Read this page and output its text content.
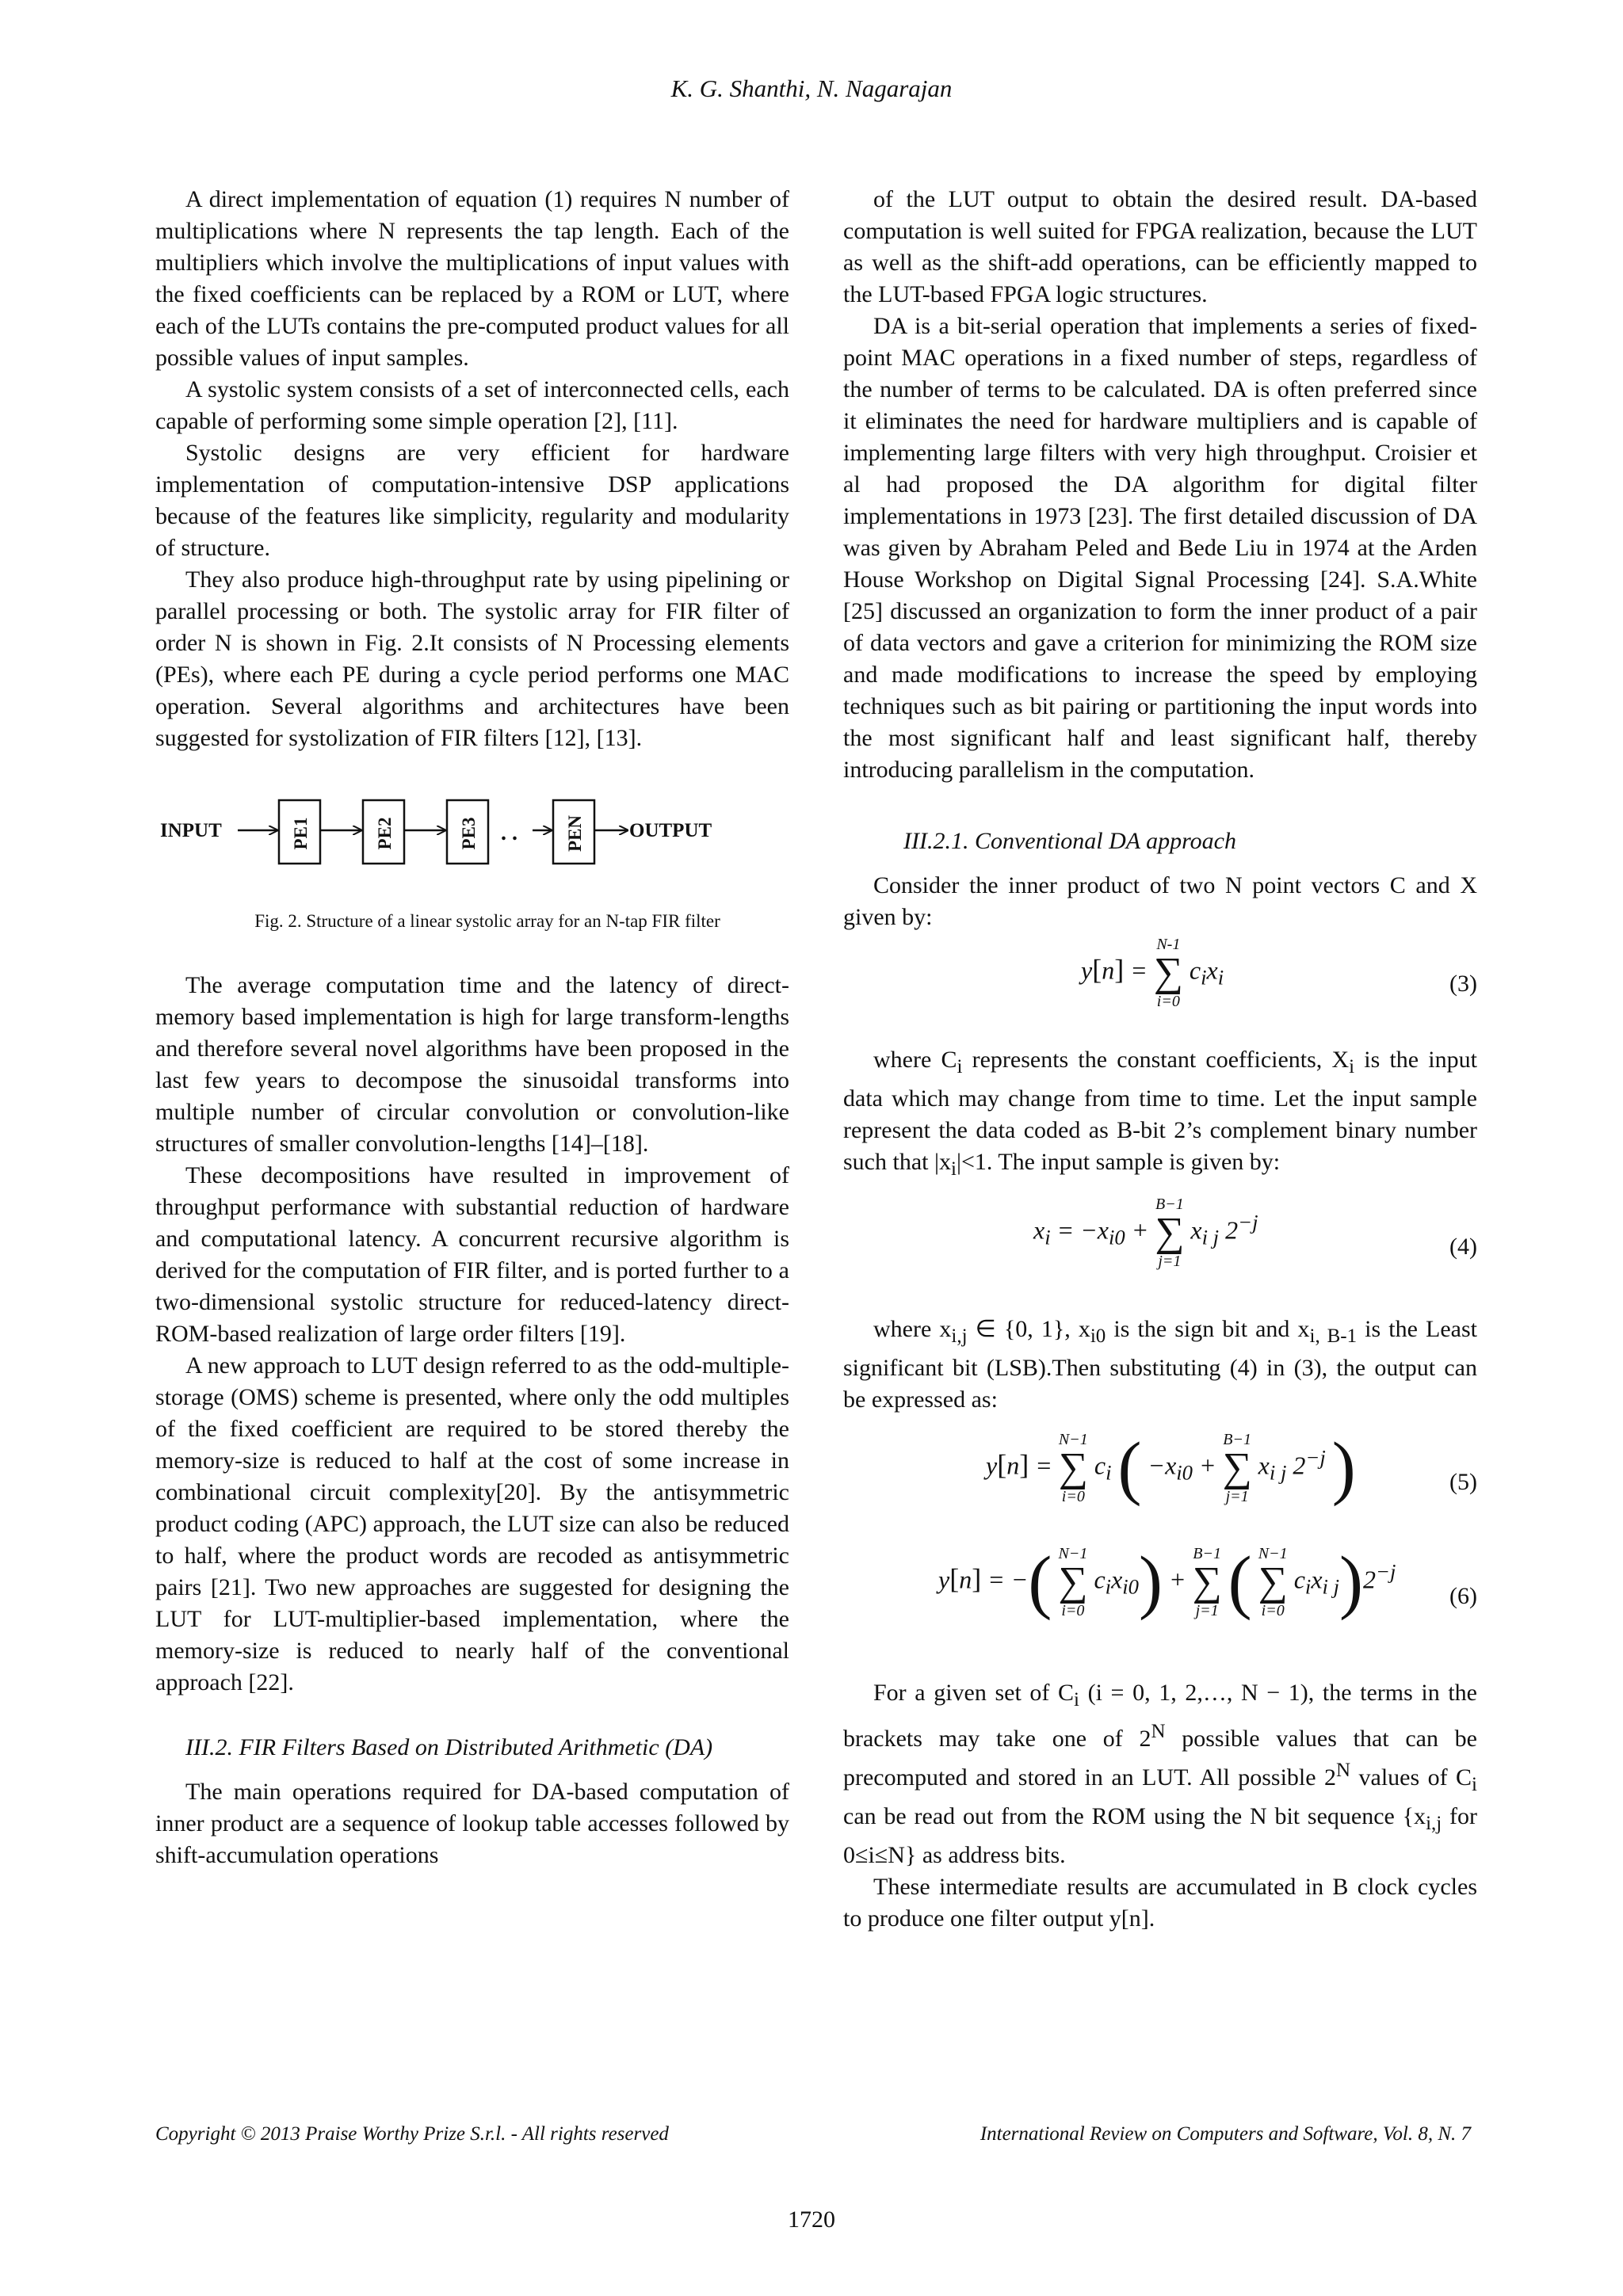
K. G. Shanthi, N. Nagarajan

A direct implementation of equation (1) requires N number of multiplications where N represents the tap length. Each of the multipliers which involve the multiplications of input values with the fixed coefficients can be replaced by a ROM or LUT, where each of the LUTs contains the pre-computed product values for all possible values of input samples.

A systolic system consists of a set of interconnected cells, each capable of performing some simple operation [2], [11].

Systolic designs are very efficient for hardware implementation of computation-intensive DSP applications because of the features like simplicity, regularity and modularity of structure.

They also produce high-throughput rate by using pipelining or parallel processing or both. The systolic array for FIR filter of order N is shown in Fig. 2.It consists of N Processing elements (PEs), where each PE during a cycle period performs one MAC operation. Several algorithms and architectures have been suggested for systolization of FIR filters [12], [13].

INPUT	PE1	PE2	PE3 . .	PEN OUTPUT

Fig. 2. Structure of a linear systolic array for an N-tap FIR filter

The average computation time and the latency of direct-memory based implementation is high for large transform-lengths and therefore several novel algorithms have been proposed in the last few years to decompose the sinusoidal transforms into multiple number of circular convolution or convolution-like structures of smaller convolution-lengths [14]–[18].

These decompositions have resulted in improvement of throughput performance with substantial reduction of hardware and computational latency. A concurrent recursive algorithm is derived for the computation of FIR filter, and is ported further to a two-dimensional systolic structure for reduced-latency direct-ROM-based realization of large order filters [19].

A new approach to LUT design referred to as the odd-multiple-storage (OMS) scheme is presented, where only the odd multiples of the fixed coefficient are required to be stored thereby the memory-size is reduced to half at the cost of some increase in combinational circuit complexity[20]. By the antisymmetric product coding (APC) approach, the LUT size can also be reduced to half, where the product words are recoded as antisymmetric pairs [21]. Two new approaches are suggested for designing the LUT for LUT-multiplier-based implementation, where the memory-size is reduced to nearly half of the conventional approach [22].

III.2. FIR Filters Based on Distributed Arithmetic (DA)

The main operations required for DA-based computation of inner product are a sequence of lookup table accesses followed by shift-accumulation operations

of the LUT output to obtain the desired result. DA-based computation is well suited for FPGA realization, because the LUT as well as the shift-add operations, can be efficiently mapped to the LUT-based FPGA logic structures.

DA is a bit-serial operation that implements a series of fixed-point MAC operations in a fixed number of steps, regardless of the number of terms to be calculated. DA is often preferred since it eliminates the need for hardware multipliers and is capable of implementing large filters with very high throughput. Croisier et al had proposed the DA algorithm for digital filter implementations in 1973 [23]. The first detailed discussion of DA was given by Abraham Peled and Bede Liu in 1974 at the Arden House Workshop on Digital Signal Processing [24]. S.A.White [25] discussed an organization to form the inner product of a pair of data vectors and gave a criterion for minimizing the ROM size and made modifications to increase the speed by employing techniques such as bit pairing or partitioning the input words into the most significant half and least significant half, thereby introducing parallelism in the computation.

III.2.1. Conventional DA approach

Consider the inner product of two N point vectors C and X given by:

y[n] =
N-1
∑
i=0
$c_ix_i$	(3)

where $C_i$ represents the constant coefficients, $X_i$ is the input data which may change from time to time. Let the input sample represent the data coded as B-bit 2’s complement binary number such that $|x_i|<1$. The input sample is given by:

$x_i = -x_{i0}$ +
B−1
∑
j=1
$x_{i j}$ $2^{-j}$
(4)

where $x_{i,j}$ ∈ {0, 1}, $x_{i0}$ is the sign bit and $x_{i, B-1}$ is the Least significant bit (LSB).Then substituting (4) in (3), the output can be expressed as:

y[n] =
N−1
∑
i=0
$c_i$ ( $-x_{i0}$ +
B−1
∑
j=1
$x_{i j}$ $2^{-j}$ )	(5)
y[n] = −( N−1
∑
i=0
$c_ix_{i0}$) +
B−1
∑
j=1 ( N−1
∑
i=0
$c_ix_{i j})2^{-j}$
(6)

For a given set of $C_i$ (i = 0, 1, 2,…, N − 1), the terms in the brackets may take one of $2^N$ possible values that can be precomputed and stored in an LUT. All possible $2^N$ values of $C_i$ can be read out from the ROM using the N bit sequence {$x_{i,j}$ for 0≤i≤N} as address bits.

These intermediate results are accumulated in B clock cycles to produce one filter output y[n].

Copyright © 2013 Praise Worthy Prize S.r.l. - All rights reserved	International Review on Computers and Software, Vol. 8, N. 7
1720
